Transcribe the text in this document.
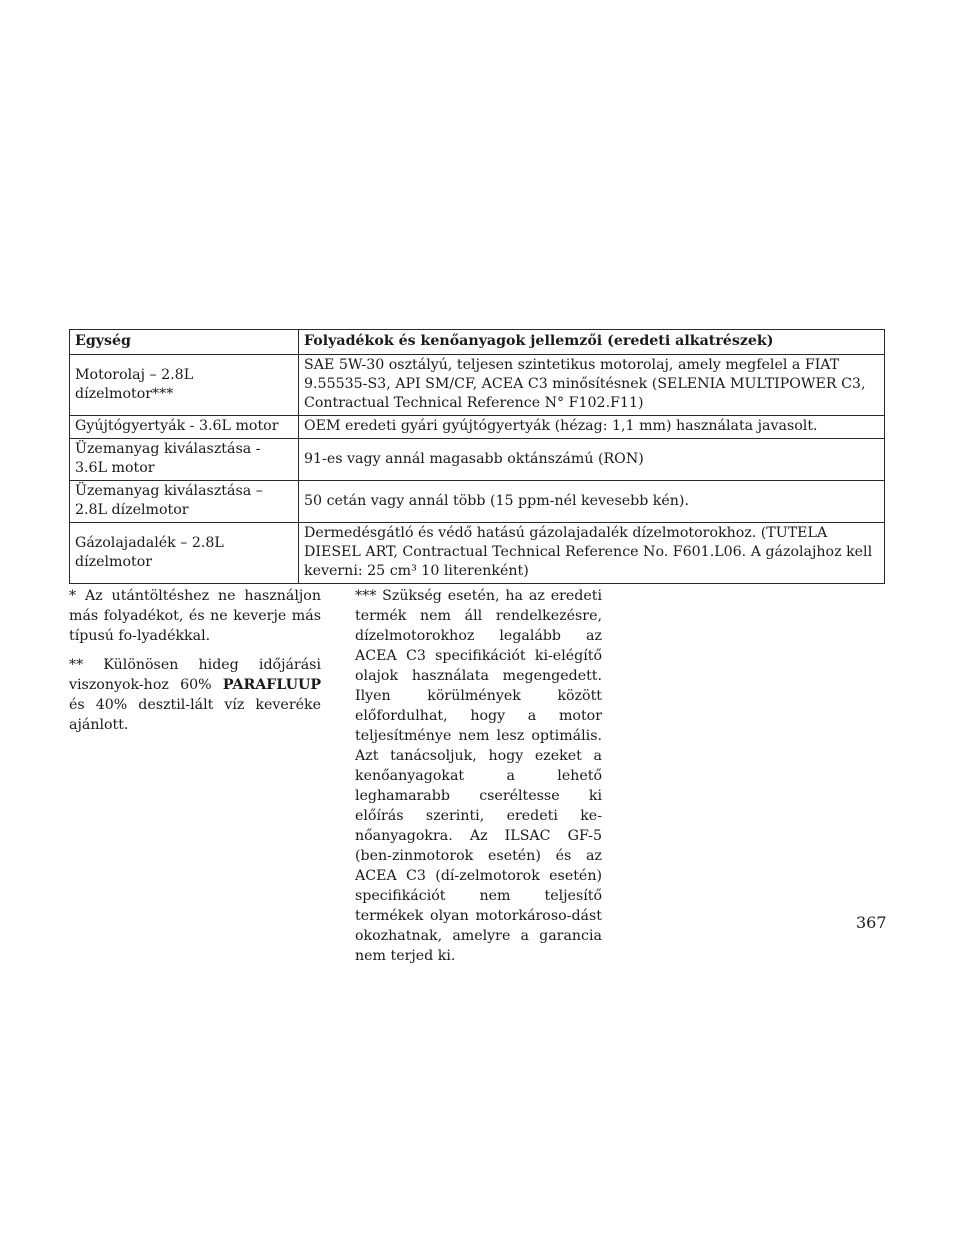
Egység	Folyadékok és kenőanyagok jellemzői (eredeti alkatrészek)
Motorolaj – 2.8L dízelmotor***	SAE 5W-30 osztályú, teljesen szintetikus motorolaj, amely megfelel a FIAT 9.55535-S3, API SM/CF, ACEA C3 minősítésnek (SELENIA MULTIPOWER C3, Contractual Technical Reference N° F102.F11)
Gyújtógyertyák - 3.6L motor	OEM eredeti gyári gyújtógyertyák (hézag: 1,1 mm) használata javasolt.
Üzemanyag kiválasztása - 3.6L motor	91-es vagy annál magasabb oktánszámú (RON)
Üzemanyag kiválasztása – 2.8L dízelmotor	50 cetán vagy annál több (15 ppm-nél kevesebb kén).
Gázolajadalék – 2.8L dízelmotor	Dermedésgátló és védő hatású gázolajadalék dízelmotorokhoz. (TUTELA DIESEL ART, Contractual Technical Reference No. F601.L06. A gázolajhoz kell keverni: 25 cm³ 10 literenként)

* Az utántöltéshez ne használjon más folyadékot, és ne keverje más típusú fo-lyadékkal.

** Különösen hideg időjárási viszonyok-hoz 60% PARAFLUUP és 40% desztil-lált víz keveréke ajánlott.

*** Szükség esetén, ha az eredeti termék nem áll rendelkezésre, dízelmotorokhoz legalább az ACEA C3 specifikációt ki-elégítő olajok használata megengedett. Ilyen körülmények között előfordulhat, hogy a motor teljesítménye nem lesz optimális. Azt tanácsoljuk, hogy ezeket a kenőanyagokat a lehető leghamarabb cseréltesse ki előírás szerinti, eredeti ke-nőanyagokra. Az ILSAC GF-5 (ben-zinmotorok esetén) és az ACEA C3 (dí-zelmotorok esetén) specifikációt nem teljesítő termékek olyan motorkároso-dást okozhatnak, amelyre a garancia nem terjed ki.

367
